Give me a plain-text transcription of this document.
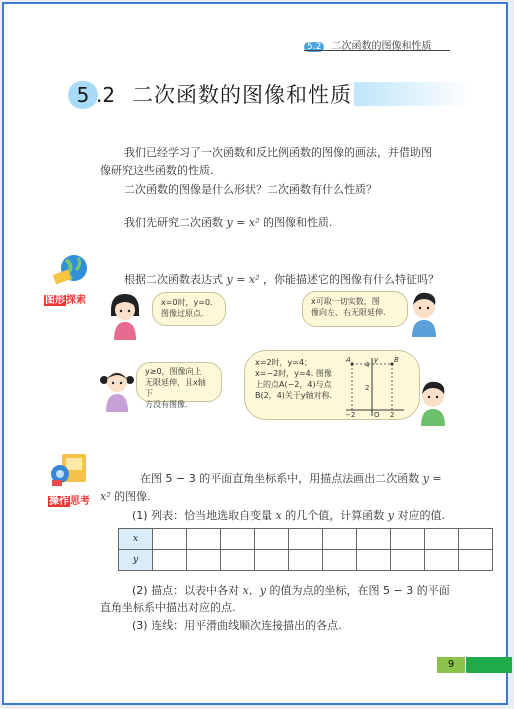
5.2 二次函数的图像和性质
5 .2 二次函数的图像和性质
我们已经学习了一次函数和反比例函数的图像的画法，并借助图
像研究这些函数的性质.
二次函数的图像是什么形状？二次函数有什么性质？
我们先研究二次函数 y = x² 的图像和性质.
图形探索
根据二次函数表达式 y = x² ，你能描述它的图像有什么特征吗？
x=0时，y=0.
图像过原点.
x可取一切实数，图
像向左、右无限延伸.
y≥0，图像向上
无限延伸，且x轴下
方没有图像.
x=2时，y=4；
x=−2时，y=4. 图像
上的点A(−2，4)与点
B(2，4)关于y轴对称.
y
A	B
4
2
O
−2	2
操作思考
在图 5 − 3 的平面直角坐标系中，用描点法画出二次函数 y =
x² 的图像.
(1) 列表：恰当地选取自变量 x 的几个值，计算函数 y 对应的值.
x										
y										
(2) 描点：以表中各对 x，y 的值为点的坐标，在图 5 − 3 的平面
直角坐标系中描出对应的点.
(3) 连线：用平滑曲线顺次连接描出的各点.
9
